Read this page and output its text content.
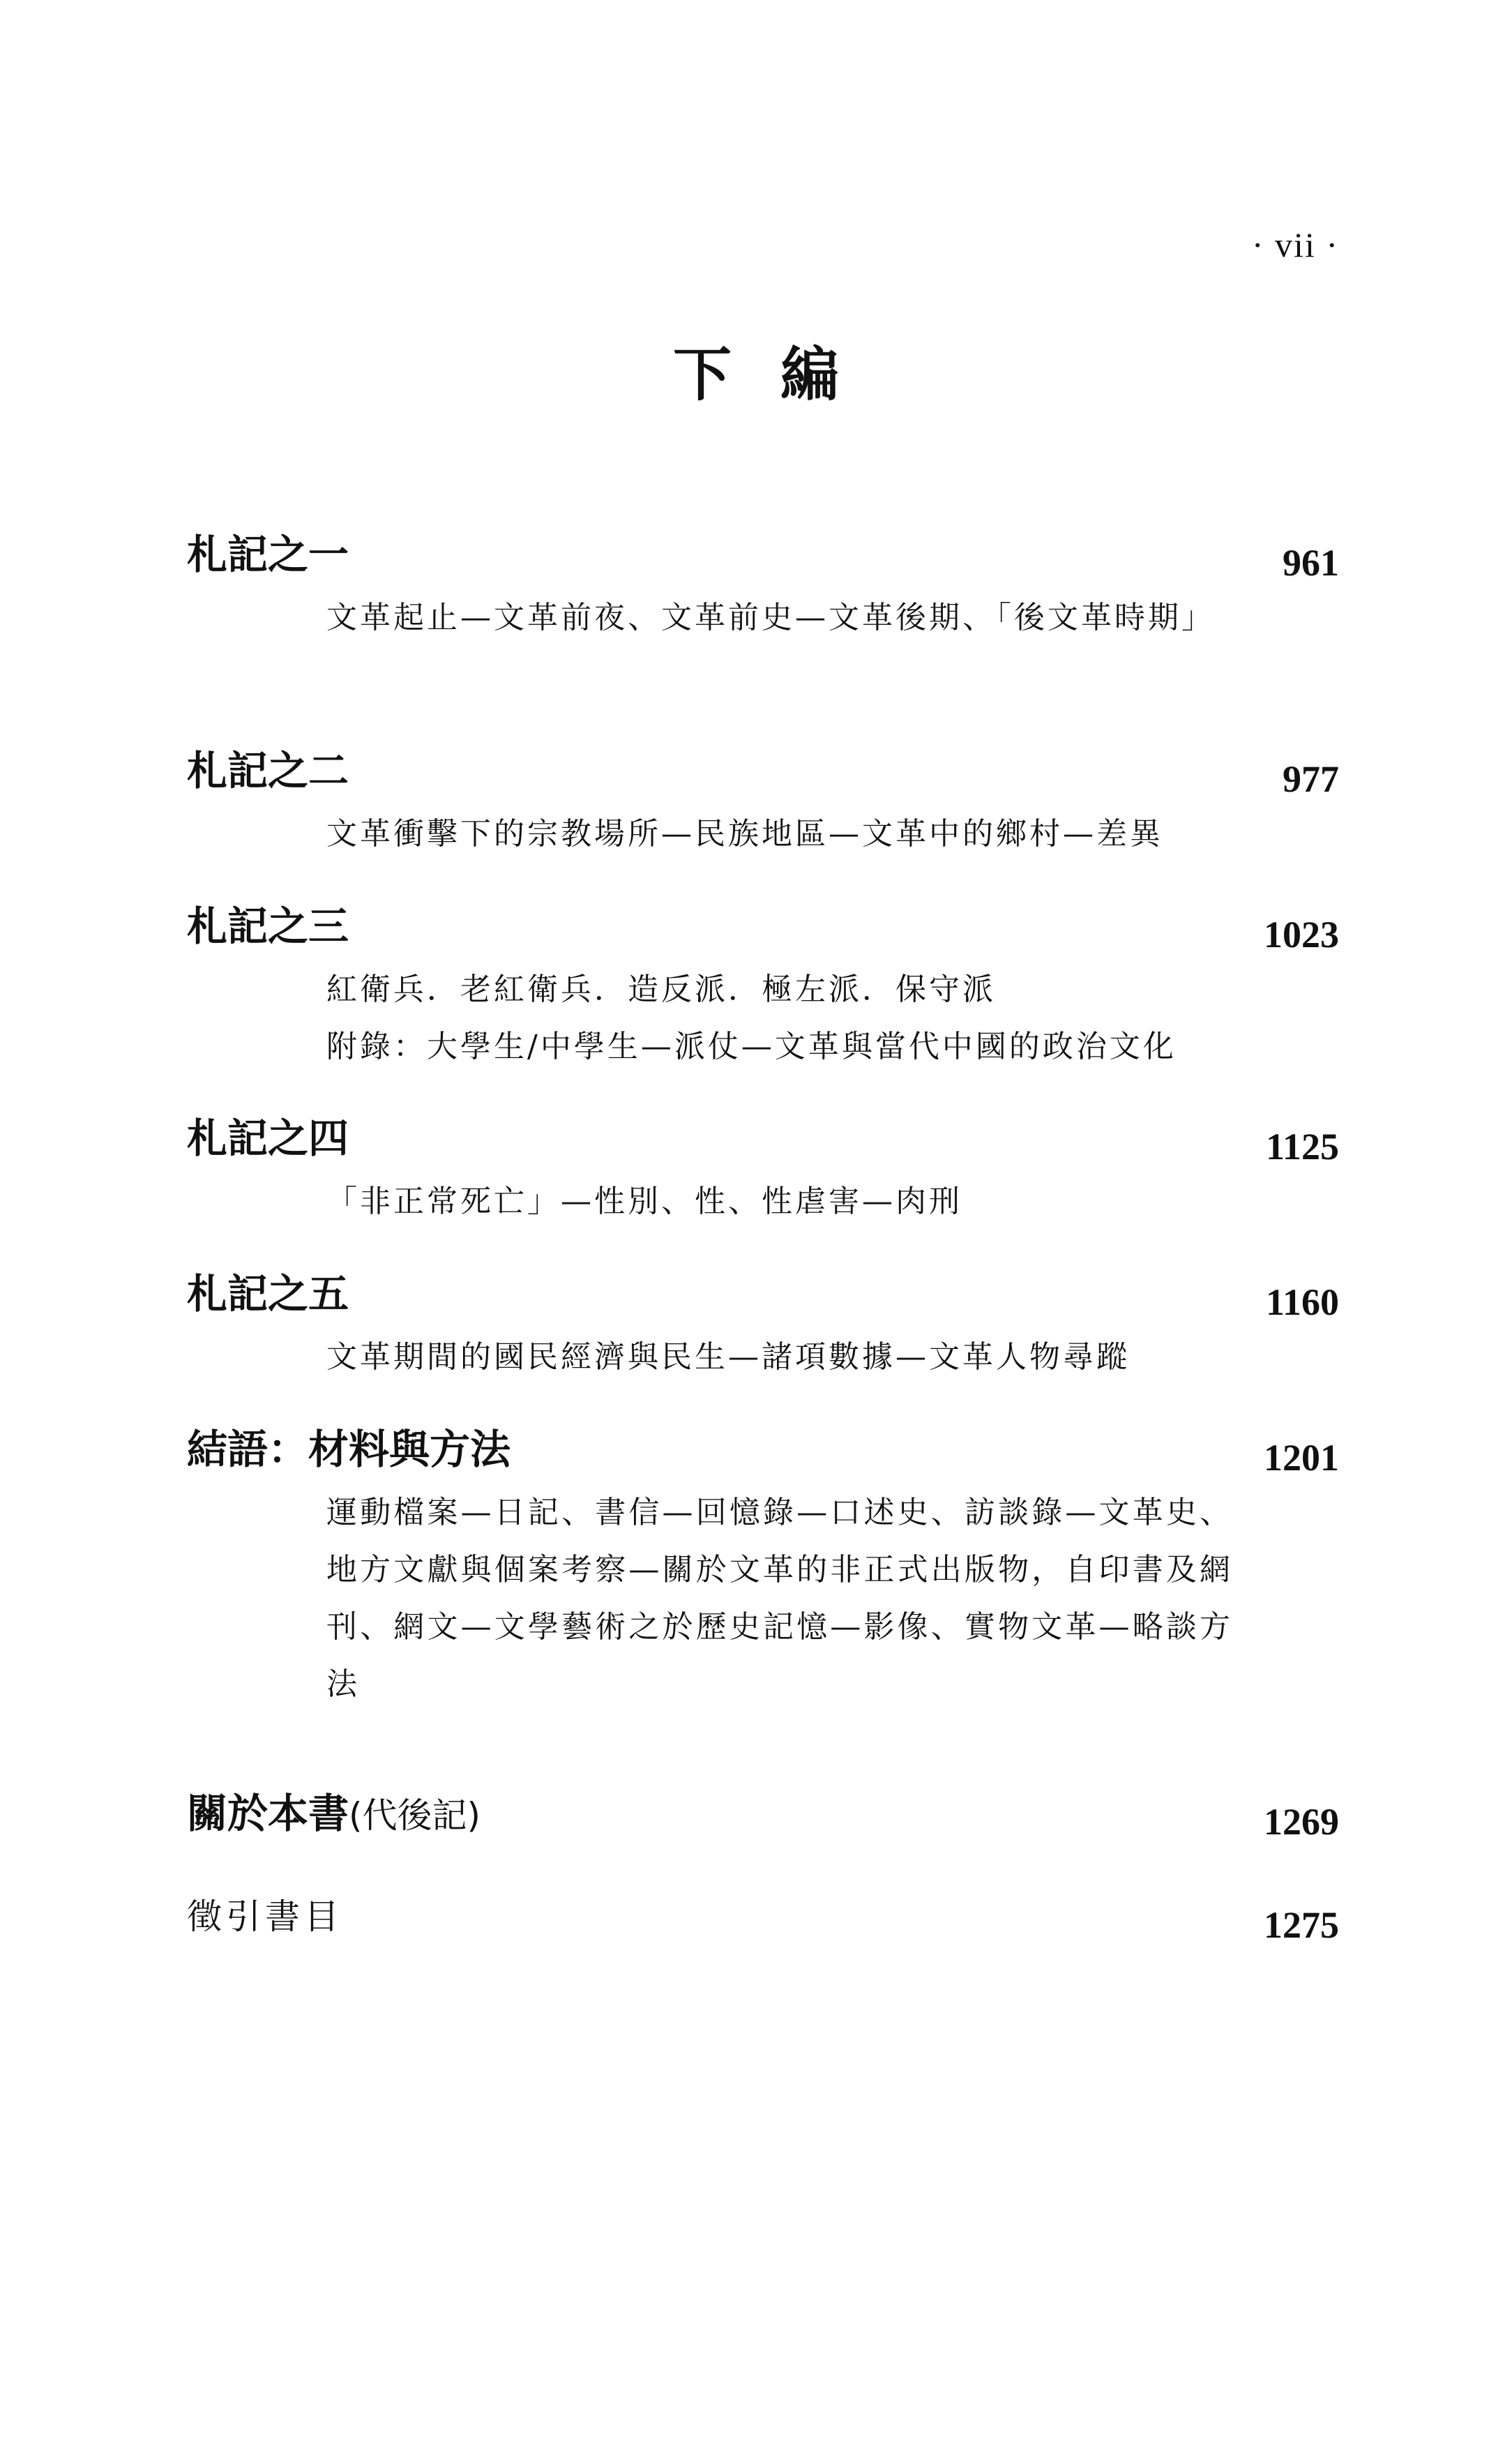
· vii ·
下編
札記之一	961
文革起止—文革前夜、文革前史—文革後期、「後文革時期」
札記之二	977
文革衝擊下的宗教場所—民族地區—文革中的鄉村—差異
札記之三	1023
紅衛兵．老紅衛兵．造反派．極左派．保守派
附錄：大學生/中學生—派仗—文革與當代中國的政治文化
札記之四	1125
「非正常死亡」—性別、性、性虐害—肉刑
札記之五	1160
文革期間的國民經濟與民生—諸項數據—文革人物尋蹤
結語：材料與方法	1201
運動檔案—日記、書信—回憶錄—口述史、訪談錄—文革史、地方文獻與個案考察—關於文革的非正式出版物，自印書及網刊、網文—文學藝術之於歷史記憶—影像、實物文革—略談方法
關於本書(代後記)	1269
徵引書目	1275
